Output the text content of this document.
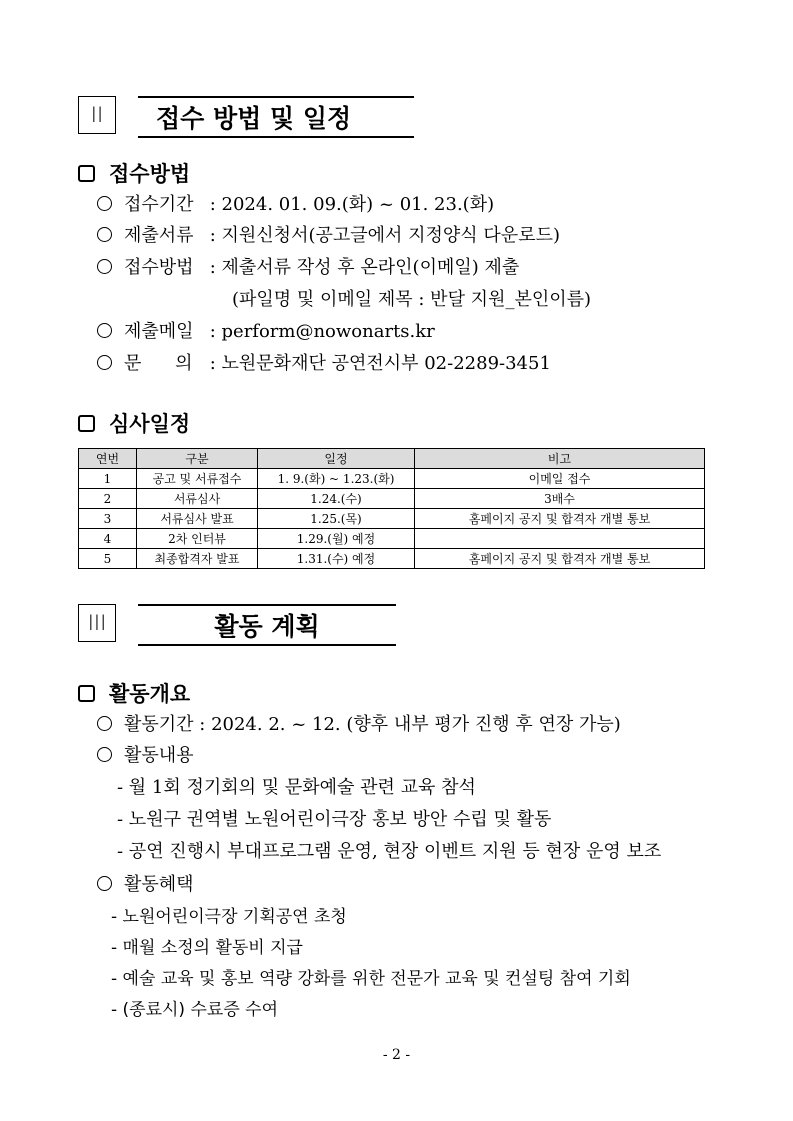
II	접수 방법 및 일정
접수방법
접수기간 : 2024. 01. 09.(화) ~ 01. 23.(화)
제출서류 : 지원신청서(공고글에서 지정양식 다운로드)
접수방법 : 제출서류 작성 후 온라인(이메일) 제출
(파일명 및 이메일 제목 : 반달 지원_본인이름)
제출메일 : perform@nowonarts.kr
문 의 : 노원문화재단 공연전시부 02-2289-3451
심사일정
연번	구분	일정	비고
1	공고 및 서류접수	1. 9.(화) ~ 1.23.(화)	이메일 접수
2	서류심사	1.24.(수)	3배수
3	서류심사 발표	1.25.(목)	홈페이지 공지 및 합격자 개별 통보
4	2차 인터뷰	1.29.(월) 예정	
5	최종합격자 발표	1.31.(수) 예정	홈페이지 공지 및 합격자 개별 통보
III	활동 계획
활동개요
활동기간 : 2024. 2. ~ 12. (향후 내부 평가 진행 후 연장 가능)
활동내용
- 월 1회 정기회의 및 문화예술 관련 교육 참석
- 노원구 권역별 노원어린이극장 홍보 방안 수립 및 활동
- 공연 진행시 부대프로그램 운영, 현장 이벤트 지원 등 현장 운영 보조
활동혜택
- 노원어린이극장 기획공연 초청
- 매월 소정의 활동비 지급
- 예술 교육 및 홍보 역량 강화를 위한 전문가 교육 및 컨설팅 참여 기회
- (종료시) 수료증 수여
- 2 -
